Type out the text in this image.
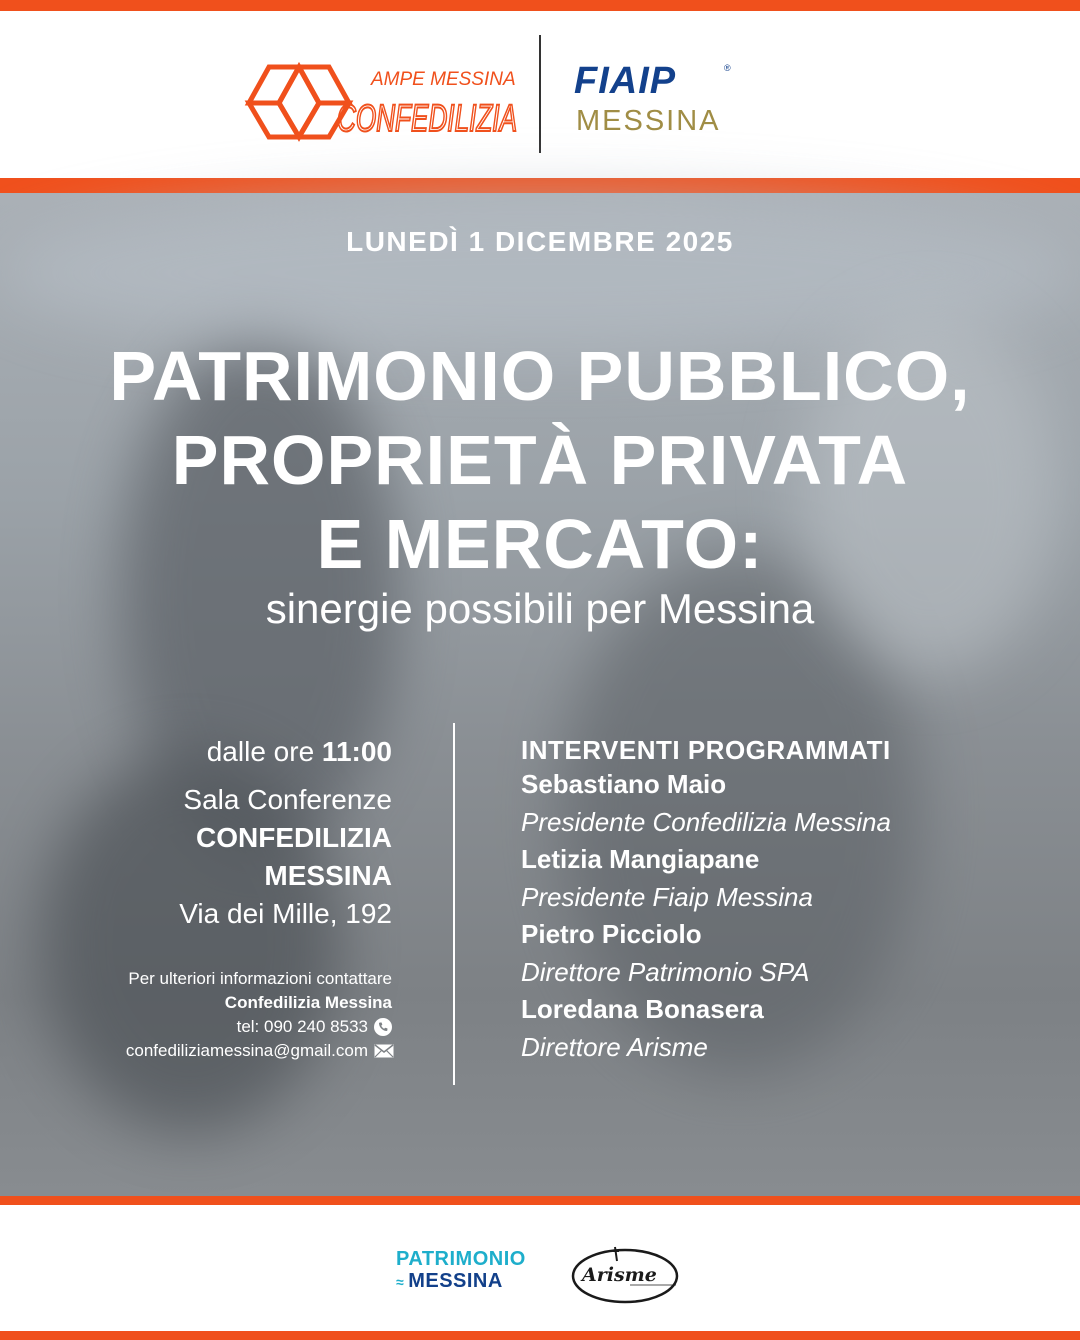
AMPE MESSINA
CONFEDILIZIA
FIAIP	®
MESSINA
LUNEDÌ 1 DICEMBRE 2025
PATRIMONIO PUBBLICO,
PROPRIETÀ PRIVATA
E MERCATO:
sinergie possibili per Messina
dalle ore 11:00
Sala Conferenze
CONFEDILIZIA
MESSINA
Via dei Mille, 192
Per ulteriori informazioni contattare
Confedilizia Messina
tel: 090 240 8533
confediliziamessina@gmail.com
INTERVENTI PROGRAMMATI
Sebastiano Maio
Presidente Confedilizia Messina
Letizia Mangiapane
Presidente Fiaip Messina
Pietro Picciolo
Direttore Patrimonio SPA
Loredana Bonasera
Direttore Arisme
PATRIMONIO
≈ MESSINA	Arisme
